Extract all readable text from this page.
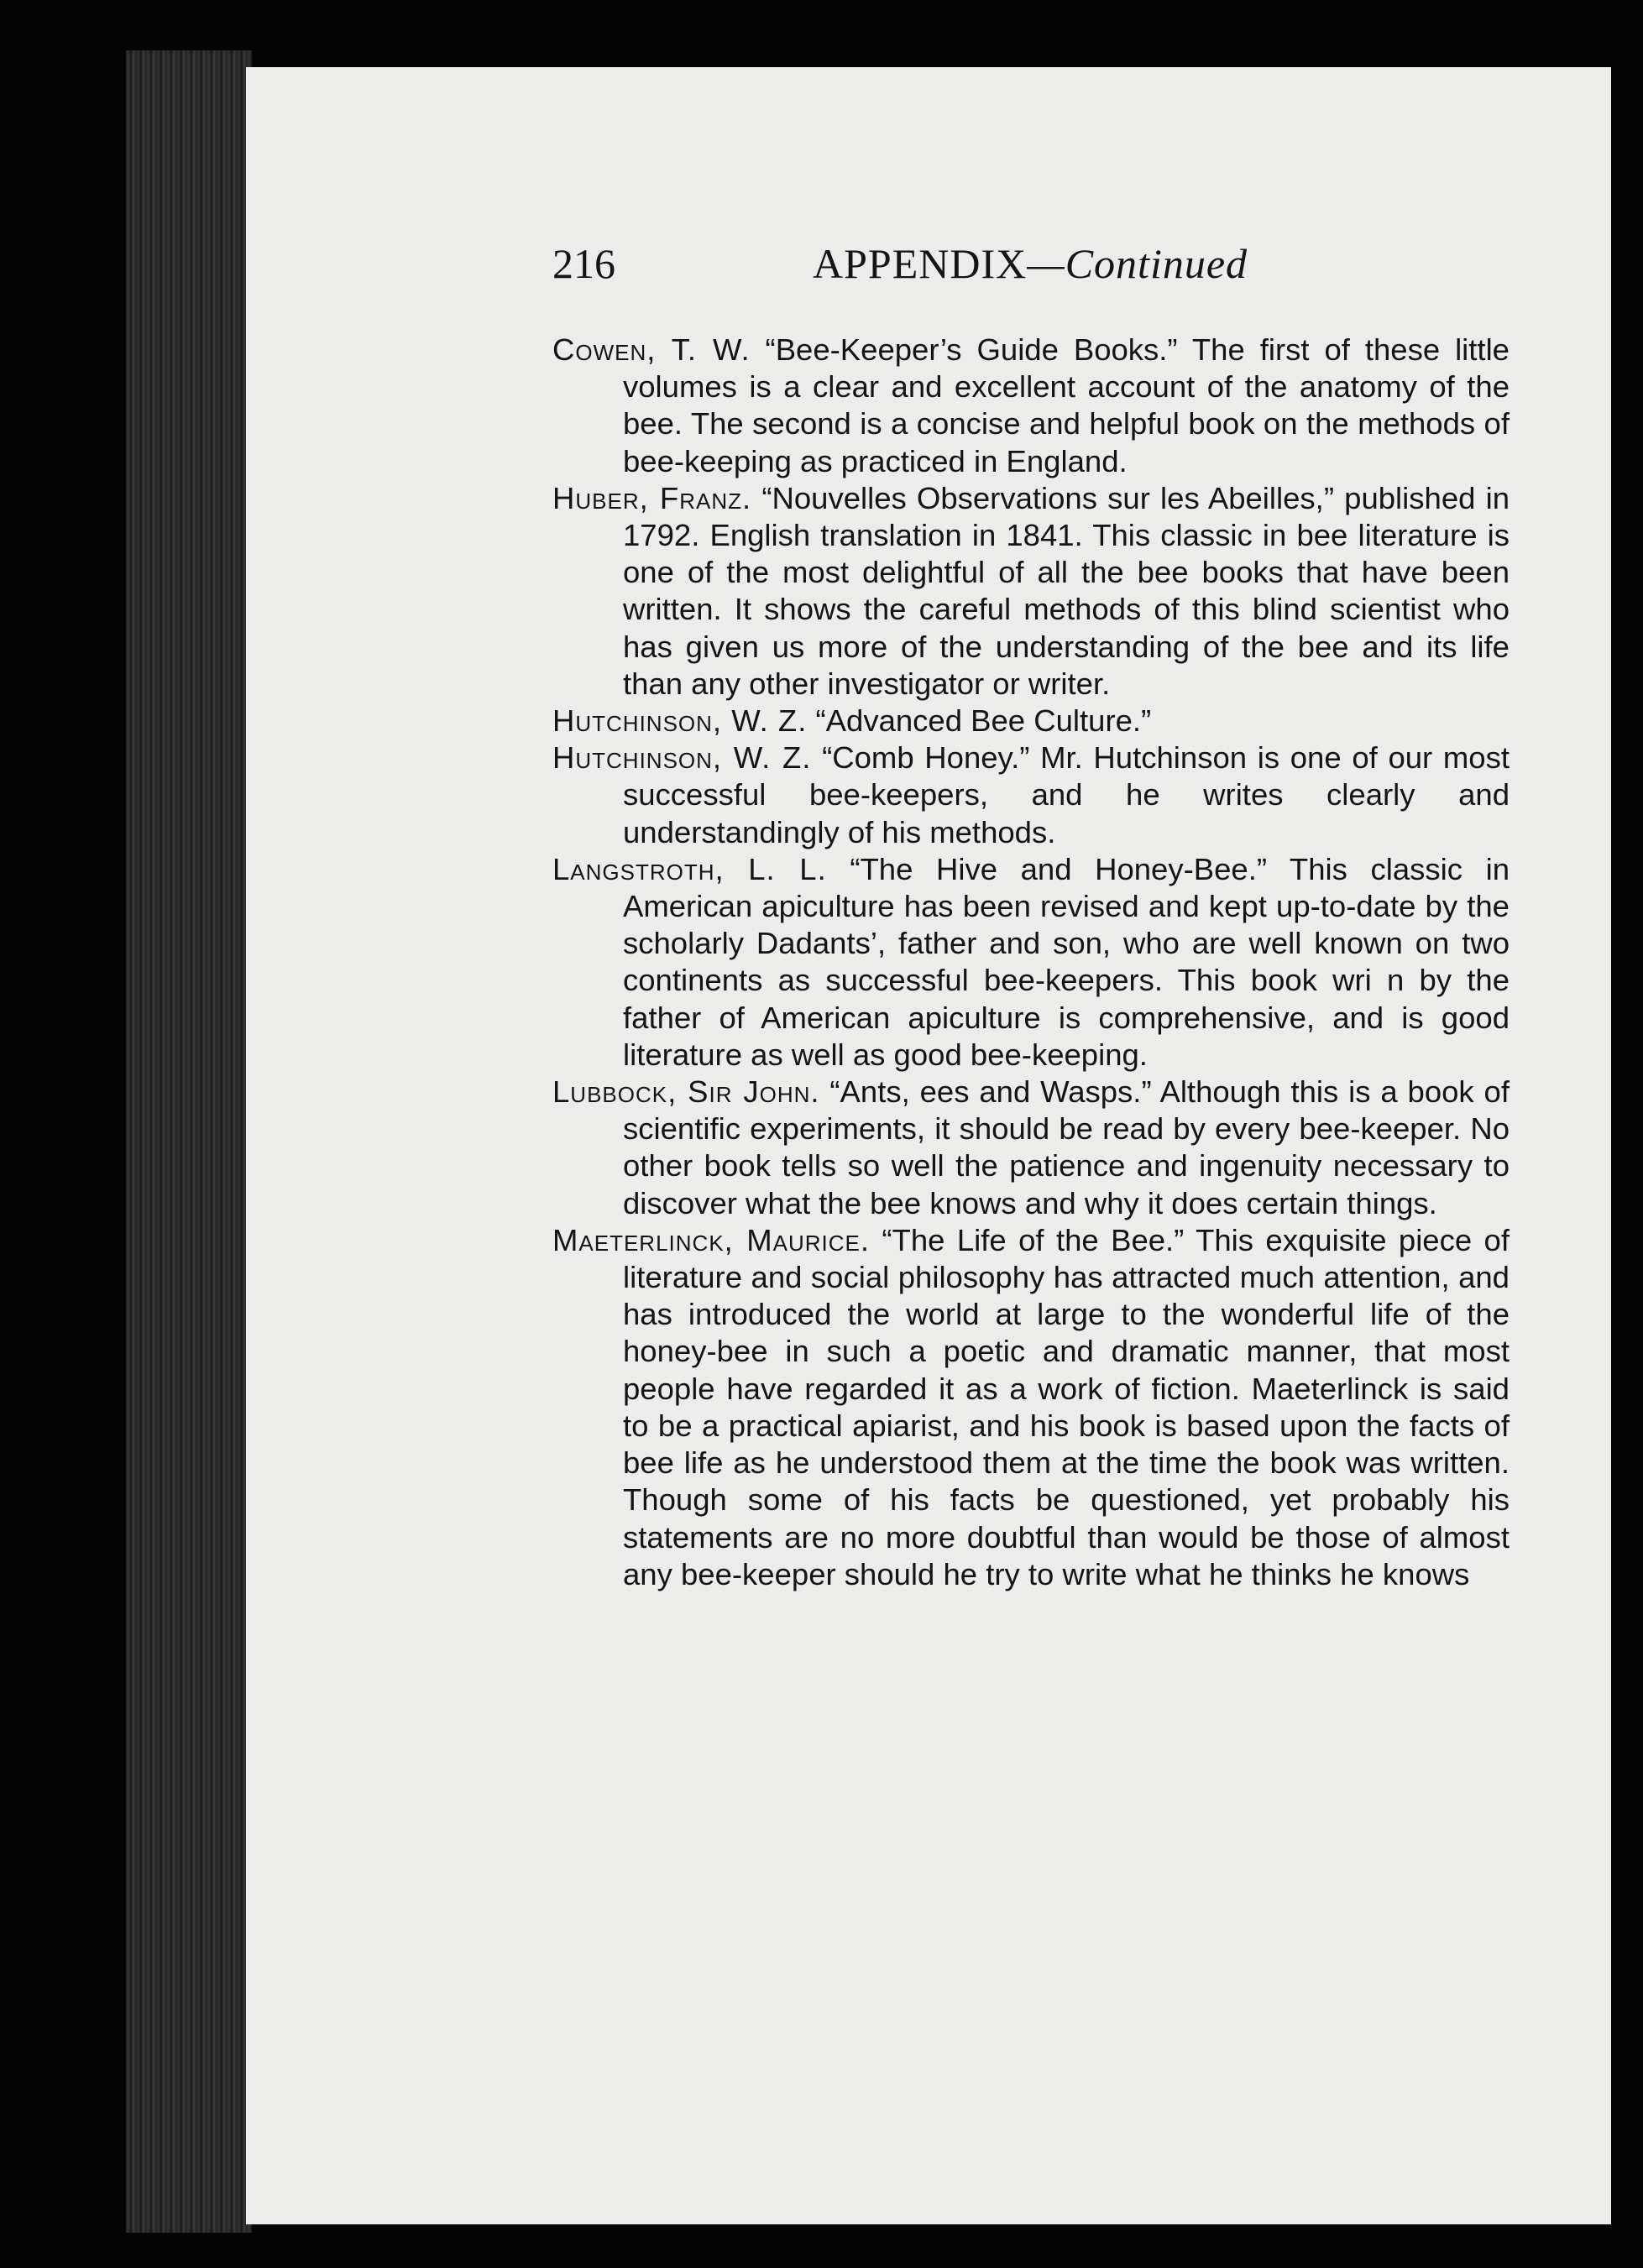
216	APPENDIX—Continued

Cowen, T. W. “Bee-Keeper’s Guide Books.” The first of these little volumes is a clear and excellent account of the anatomy of the bee. The second is a concise and helpful book on the methods of bee-keeping as practiced in England.

Huber, Franz. “Nouvelles Observations sur les Abeilles,” published in 1792. English translation in 1841. This classic in bee literature is one of the most delightful of all the bee books that have been written. It shows the careful methods of this blind scientist who has given us more of the understanding of the bee and its life than any other investigator or writer.

Hutchinson, W. Z. “Advanced Bee Culture.”

Hutchinson, W. Z. “Comb Honey.” Mr. Hutchinson is one of our most successful bee-keepers, and he writes clearly and understandingly of his methods.

Langstroth, L. L. “The Hive and Honey-Bee.” This classic in American apiculture has been revised and kept up-to-date by the scholarly Dadants’, father and son, who are well known on two continents as successful bee-keepers. This book wri n by the father of American apiculture is comprehensive, and is good literature as well as good bee-keeping.

Lubbock, Sir John. “Ants, ees and Wasps.” Although this is a book of scientific experiments, it should be read by every bee-keeper. No other book tells so well the patience and ingenuity necessary to discover what the bee knows and why it does certain things.

Maeterlinck, Maurice. “The Life of the Bee.” This exquisite piece of literature and social philosophy has attracted much attention, and has introduced the world at large to the wonderful life of the honey-bee in such a poetic and dramatic manner, that most people have regarded it as a work of fiction. Maeterlinck is said to be a practical apiarist, and his book is based upon the facts of bee life as he understood them at the time the book was written. Though some of his facts be questioned, yet probably his statements are no more doubtful than would be those of almost any bee-keeper should he try to write what he thinks he knows
